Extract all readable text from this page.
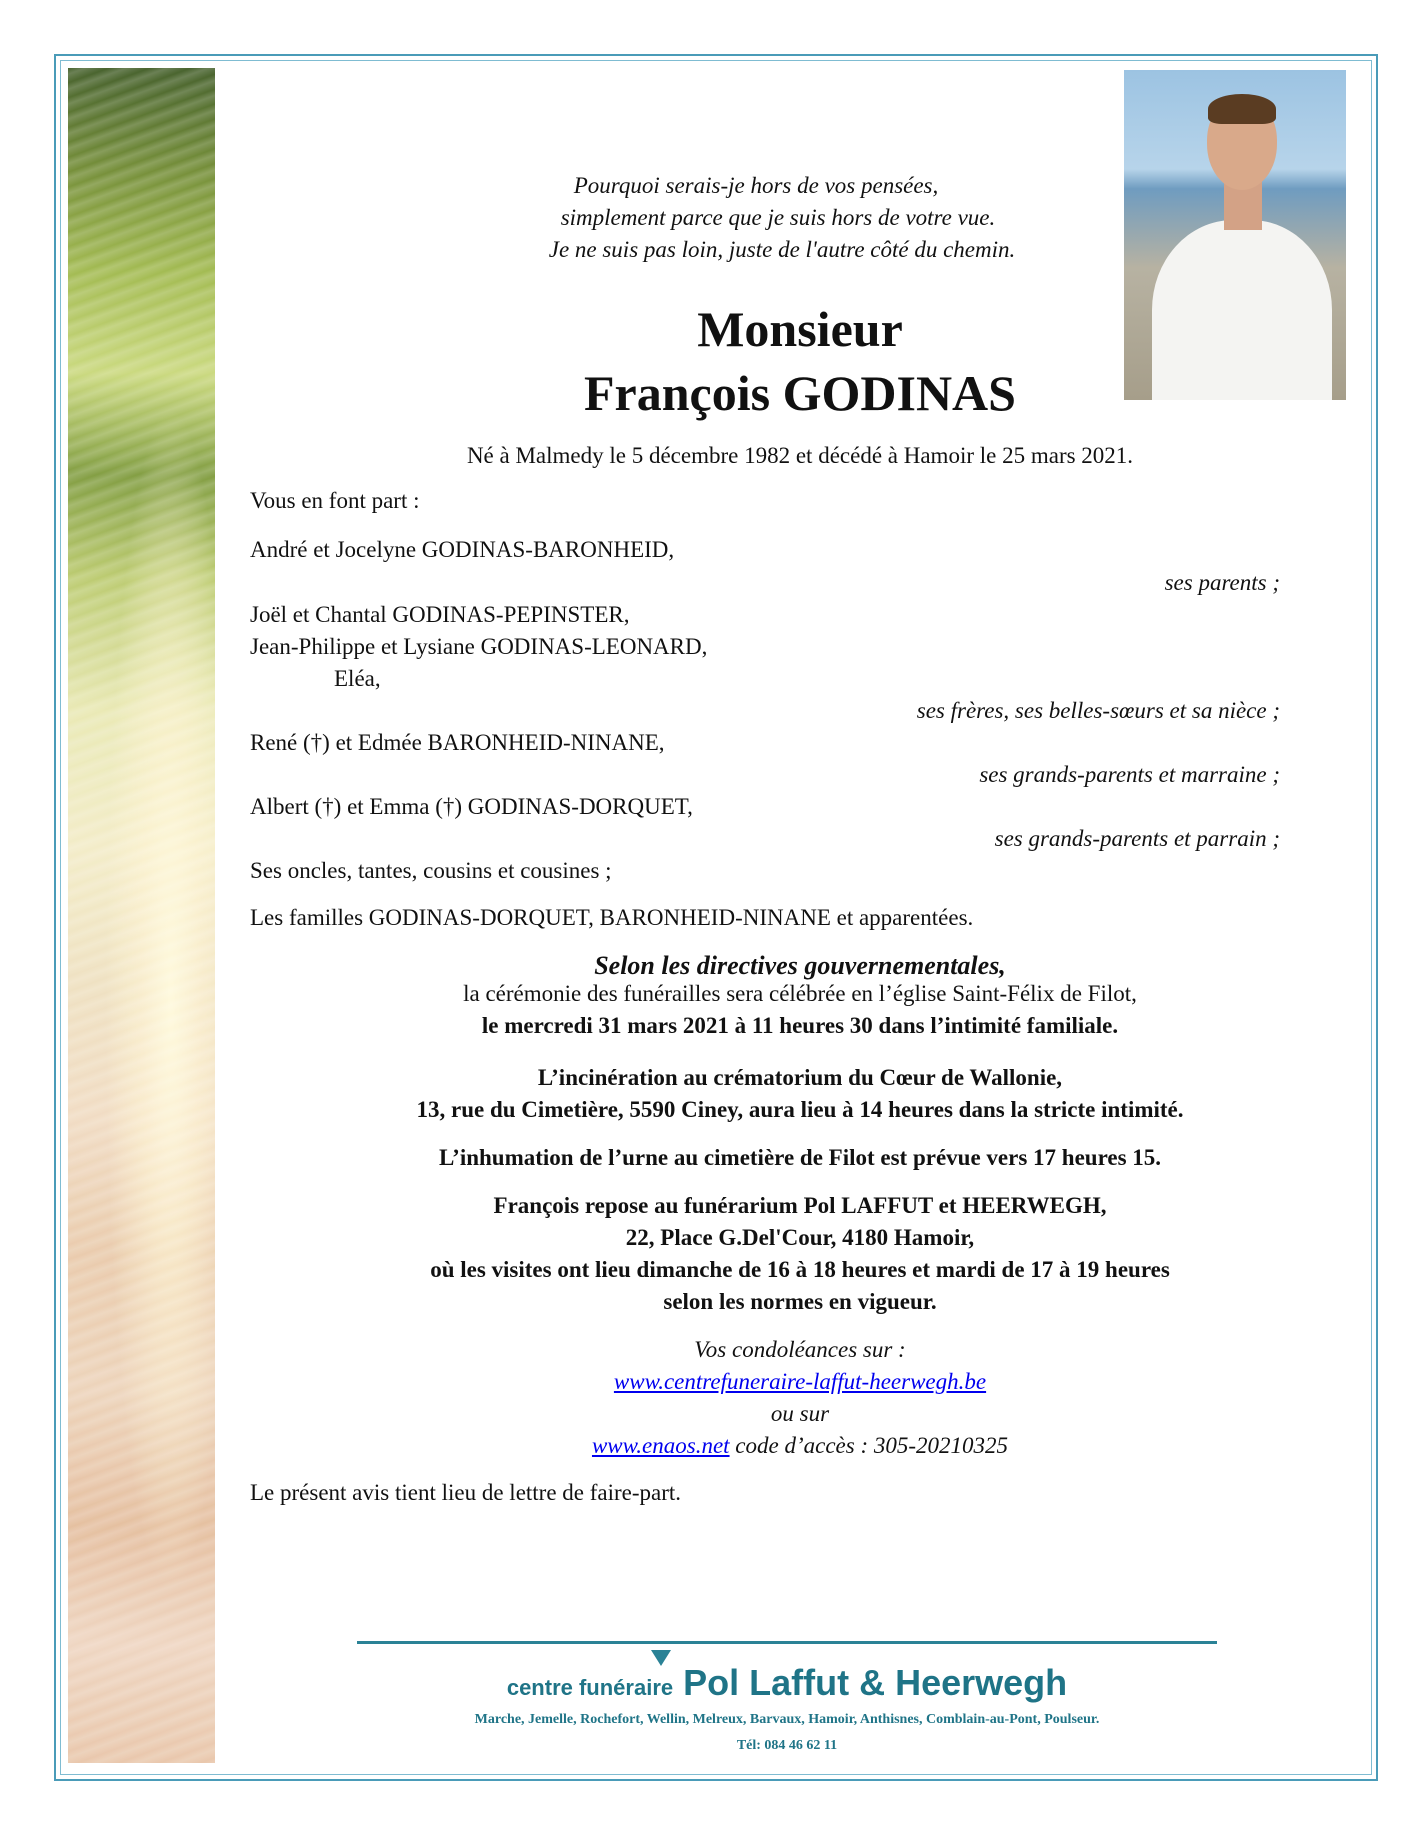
Pourquoi serais-je hors de vos pensées,
simplement parce que je suis hors de votre vue.
Je ne suis pas loin, juste de l'autre côté du chemin.
Monsieur
François GODINAS
Né à Malmedy le 5 décembre 1982 et décédé à Hamoir le 25 mars 2021.
Vous en font part :
André et Jocelyne GODINAS-BARONHEID,
ses parents ;
Joël et Chantal GODINAS-PEPINSTER,
Jean-Philippe et Lysiane GODINAS-LEONARD,
Eléa,
ses frères, ses belles-sœurs et sa nièce ;
René (†) et Edmée BARONHEID-NINANE,
ses grands-parents et marraine ;
Albert (†) et Emma (†) GODINAS-DORQUET,
ses grands-parents et parrain ;
Ses oncles, tantes, cousins et cousines ;
Les familles GODINAS-DORQUET, BARONHEID-NINANE et apparentées.
Selon les directives gouvernementales,
la cérémonie des funérailles sera célébrée en l’église Saint-Félix de Filot,
le mercredi 31 mars 2021 à 11 heures 30 dans l’intimité familiale.
L’incinération au crématorium du Cœur de Wallonie,
13, rue du Cimetière, 5590 Ciney, aura lieu à 14 heures dans la stricte intimité.
L’inhumation de l’urne au cimetière de Filot est prévue vers 17 heures 15.
François repose au funérarium Pol LAFFUT et HEERWEGH,
22, Place G.Del'Cour, 4180 Hamoir,
où les visites ont lieu dimanche de 16 à 18 heures et mardi de 17 à 19 heures
selon les normes en vigueur.
Vos condoléances sur :
www.centrefuneraire-laffut-heerwegh.be
ou sur
www.enaos.net code d’accès : 305-20210325
Le présent avis tient lieu de lettre de faire-part.
centre funéraire Pol Laffut & Heerwegh
Marche, Jemelle, Rochefort, Wellin, Melreux, Barvaux, Hamoir, Anthisnes, Comblain-au-Pont, Poulseur.
Tél: 084 46 62 11
